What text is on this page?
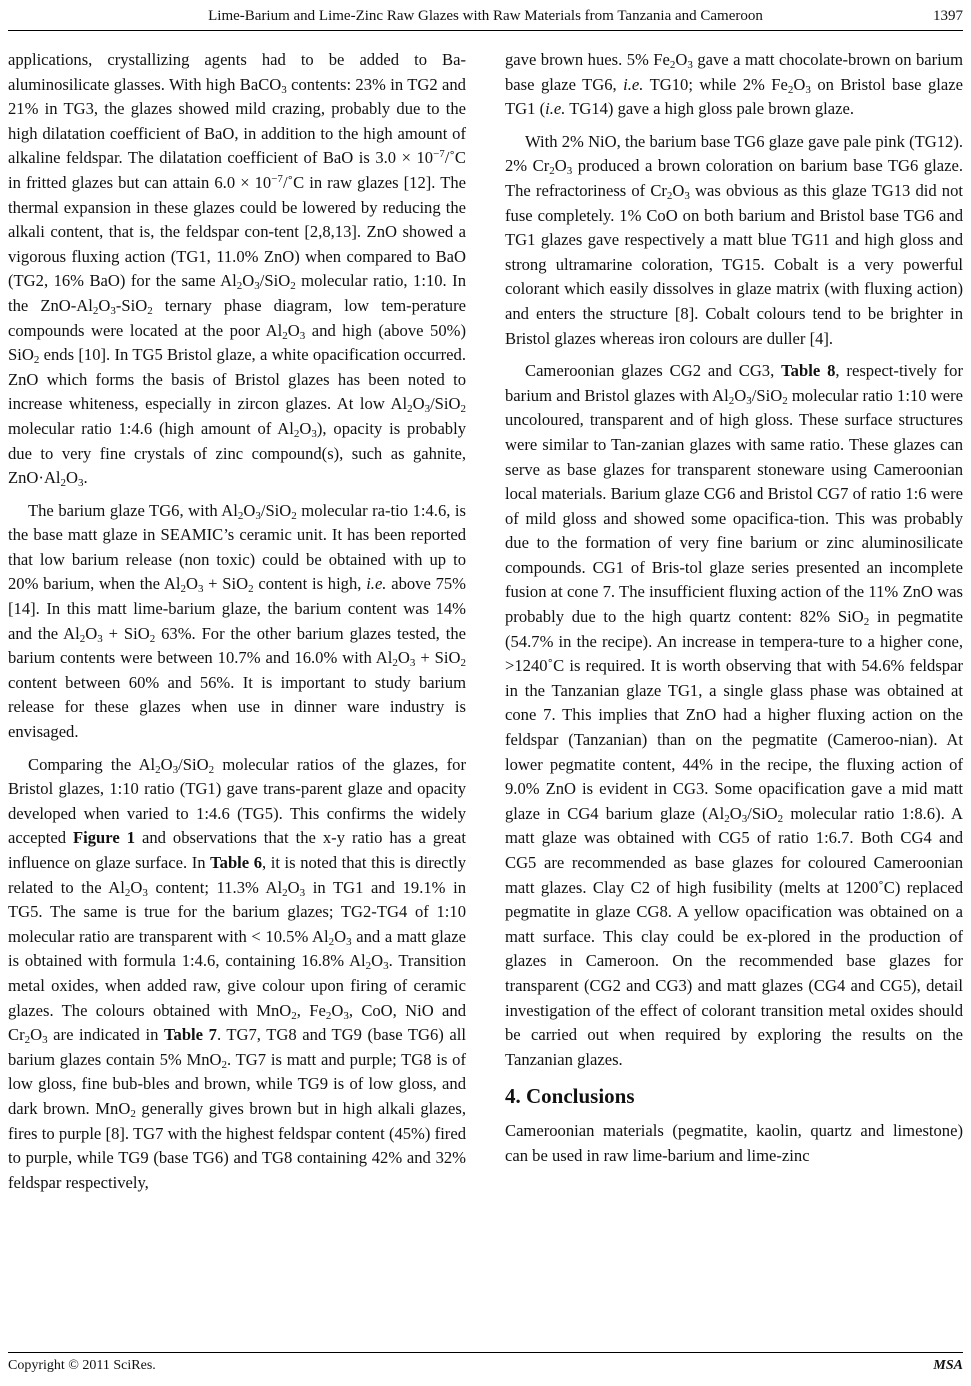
Lime-Barium and Lime-Zinc Raw Glazes with Raw Materials from Tanzania and Cameroon	1397

applications, crystallizing agents had to be added to Ba-aluminosilicate glasses. With high BaCO$_3$ contents: 23% in TG2 and 21% in TG3, the glazes showed mild crazing, probably due to the high dilatation coefficient of BaO, in addition to the high amount of alkaline feldspar. The dilatation coefficient of BaO is $3.0 \times 10^{-7}/˚C$ in fritted glazes but can attain $6.0 \times 10^{-7}/˚C$ in raw glazes [12]. The thermal expansion in these glazes could be lowered by reducing the alkali content, that is, the feldspar con-tent [2,8,13]. ZnO showed a vigorous fluxing action (TG1, 11.0% ZnO) when compared to BaO (TG2, 16% BaO) for the same $Al_2O_3/SiO_2$ molecular ratio, 1:10. In the ZnO-$Al_2O_3-SiO_2$ ternary phase diagram, low tem-perature compounds were located at the poor $Al_2O_3$ and high (above 50%) SiO$_2$ ends [10]. In TG5 Bristol glaze, a white opacification occurred. ZnO which forms the basis of Bristol glazes has been noted to increase whiteness, especially in zircon glazes. At low $Al_2O_3/SiO_2$ molecular ratio 1:4.6 (high amount of $Al_2O_3$), opacity is probably due to very fine crystals of zinc compound(s), such as gahnite, $ZnO\cdot Al_2O_3$.

The barium glaze TG6, with $Al_2O_3/SiO_2$ molecular ra-tio 1:4.6, is the base matt glaze in SEAMIC’s ceramic unit. It has been reported that low barium release (non toxic) could be obtained with up to 20% barium, when the $Al_2O_3 + SiO_2$ content is high, i.e. above 75% [14]. In this matt lime-barium glaze, the barium content was 14% and the $Al_2O_3 + SiO_2$ 63%. For the other barium glazes tested, the barium contents were between 10.7% and 16.0% with $Al_2O_3 + SiO_2$ content between 60% and 56%. It is important to study barium release for these glazes when use in dinner ware industry is envisaged.

Comparing the $Al_2O_3/SiO_2$ molecular ratios of the glazes, for Bristol glazes, 1:10 ratio (TG1) gave trans-parent glaze and opacity developed when varied to 1:4.6 (TG5). This confirms the widely accepted Figure 1 and observations that the x-y ratio has a great influence on glaze surface. In Table 6, it is noted that this is directly related to the $Al_2O_3$ content; 11.3% $Al_2O_3$ in TG1 and 19.1% in TG5. The same is true for the barium glazes; TG2-TG4 of 1:10 molecular ratio are transparent with < 10.5% $Al_2O_3$ and a matt glaze is obtained with formula 1:4.6, containing 16.8% $Al_2O_3$. Transition metal oxides, when added raw, give colour upon firing of ceramic glazes. The colours obtained with MnO$_2$, $Fe_2O_3$, CoO, NiO and $Cr_2O_3$ are indicated in Table 7. TG7, TG8 and TG9 (base TG6) all barium glazes contain 5% MnO$_2$. TG7 is matt and purple; TG8 is of low gloss, fine bub-bles and brown, while TG9 is of low gloss, and dark brown. MnO$_2$ generally gives brown but in high alkali glazes, fires to purple [8]. TG7 with the highest feldspar content (45%) fired to purple, while TG9 (base TG6) and TG8 containing 42% and 32% feldspar respectively,

gave brown hues. 5% $Fe_2O_3$ gave a matt chocolate-brown on barium base glaze TG6, i.e. TG10; while 2% $Fe_2O_3$ on Bristol base glaze TG1 (i.e. TG14) gave a high gloss pale brown glaze.

With 2% NiO, the barium base TG6 glaze gave pale pink (TG12). 2% $Cr_2O_3$ produced a brown coloration on barium base TG6 glaze. The refractoriness of $Cr_2O_3$ was obvious as this glaze TG13 did not fuse completely. 1% CoO on both barium and Bristol base TG6 and TG1 glazes gave respectively a matt blue TG11 and high gloss and strong ultramarine coloration, TG15. Cobalt is a very powerful colorant which easily dissolves in glaze matrix (with fluxing action) and enters the structure [8]. Cobalt colours tend to be brighter in Bristol glazes whereas iron colours are duller [4].

Cameroonian glazes CG2 and CG3, Table 8, respect-tively for barium and Bristol glazes with $Al_2O_3/SiO_2$ molecular ratio 1:10 were uncoloured, transparent and of high gloss. These surface structures were similar to Tan-zanian glazes with same ratio. These glazes can serve as base glazes for transparent stoneware using Cameroonian local materials. Barium glaze CG6 and Bristol CG7 of ratio 1:6 were of mild gloss and showed some opacifica-tion. This was probably due to the formation of very fine barium or zinc aluminosilicate compounds. CG1 of Bris-tol glaze series presented an incomplete fusion at cone 7. The insufficient fluxing action of the 11% ZnO was probably due to the high quartz content: 82% SiO$_2$ in pegmatite (54.7% in the recipe). An increase in tempera-ture to a higher cone, >1240˚C is required. It is worth observing that with 54.6% feldspar in the Tanzanian glaze TG1, a single glass phase was obtained at cone 7. This implies that ZnO had a higher fluxing action on the feldspar (Tanzanian) than on the pegmatite (Cameroo-nian). At lower pegmatite content, 44% in the recipe, the fluxing action of 9.0% ZnO is evident in CG3. Some opacification gave a mid matt glaze in CG4 barium glaze ($Al_2O_3/SiO_2$ molecular ratio 1:8.6). A matt glaze was obtained with CG5 of ratio 1:6.7. Both CG4 and CG5 are recommended as base glazes for coloured Cameroonian matt glazes. Clay C2 of high fusibility (melts at 1200˚C) replaced pegmatite in glaze CG8. A yellow opacification was obtained on a matt surface. This clay could be ex-plored in the production of glazes in Cameroon. On the recommended base glazes for transparent (CG2 and CG3) and matt glazes (CG4 and CG5), detail investigation of the effect of colorant transition metal oxides should be carried out when required by exploring the results on the Tanzanian glazes.

4. Conclusions

Cameroonian materials (pegmatite, kaolin, quartz and limestone) can be used in raw lime-barium and lime-zinc

Copyright © 2011 SciRes.	MSA
